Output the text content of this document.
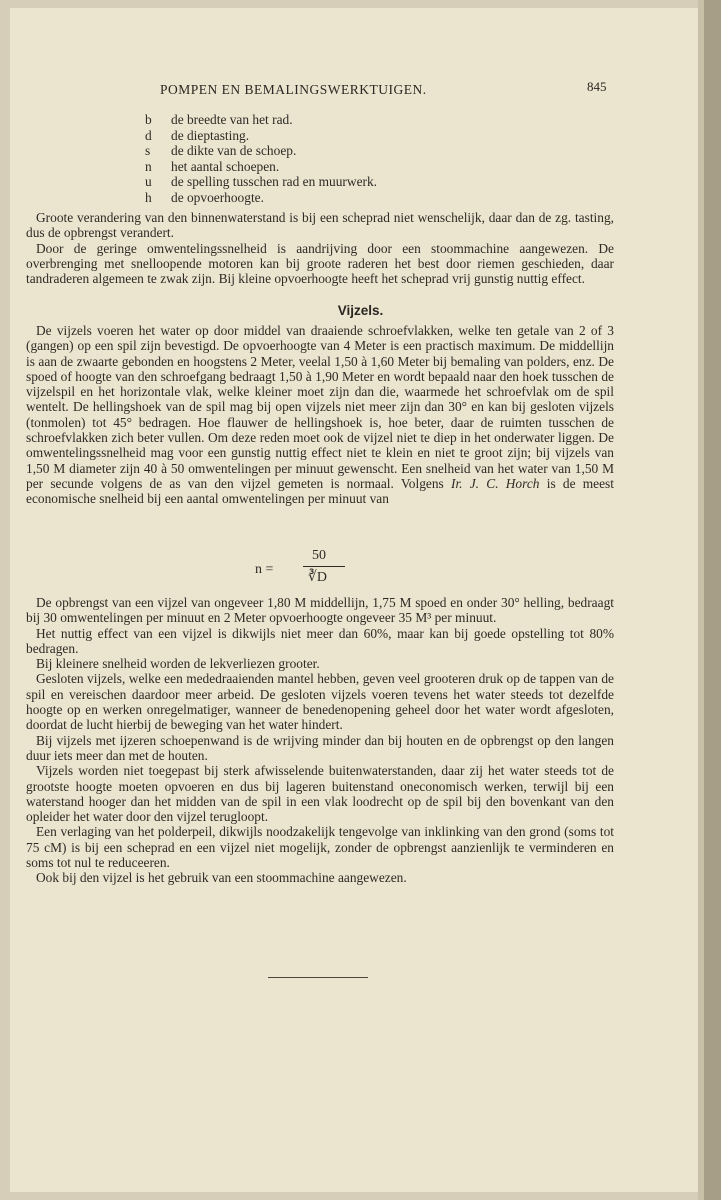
POMPEN EN BEMALINGSWERKTUIGEN.	845
b	de breedte van het rad.
d	de dieptasting.
s	de dikte van de schoep.
n	het aantal schoepen.
u	de spelling tusschen rad en muurwerk.
h	de opvoerhoogte.

Groote verandering van den binnenwaterstand is bij een scheprad niet wenschelijk, daar dan de zg. tasting, dus de opbrengst verandert.

Door de geringe omwentelingssnelheid is aandrijving door een stoommachine aangewezen. De overbrenging met snelloopende motoren kan bij groote raderen het best door riemen geschieden, daar tandraderen algemeen te zwak zijn. Bij kleine opvoerhoogte heeft het scheprad vrij gunstig nuttig effect.

Vijzels.

De vijzels voeren het water op door middel van draaiende schroefvlakken, welke ten getale van 2 of 3 (gangen) op een spil zijn bevestigd. De opvoerhoogte van 4 Meter is een practisch maximum. De middellijn is aan de zwaarte gebonden en hoogstens 2 Meter, veelal 1,50 à 1,60 Meter bij bemaling van polders, enz. De spoed of hoogte van den schroefgang bedraagt 1,50 à 1,90 Meter en wordt bepaald naar den hoek tusschen de vijzelspil en het horizontale vlak, welke kleiner moet zijn dan die, waarmede het schroefvlak om de spil wentelt. De hellingshoek van de spil mag bij open vijzels niet meer zijn dan 30° en kan bij gesloten vijzels (tonmolen) tot 45° bedragen. Hoe flauwer de hellingshoek is, hoe beter, daar de ruimten tusschen de schroefvlakken zich beter vullen. Om deze reden moet ook de vijzel niet te diep in het onderwater liggen. De omwentelingssnelheid mag voor een gunstig nuttig effect niet te klein en niet te groot zijn; bij vijzels van 1,50 M diameter zijn 40 à 50 omwentelingen per minuut gewenscht. Een snelheid van het water van 1,50 M per secunde volgens de as van den vijzel gemeten is normaal. Volgens Ir. J. C. Horch is de meest economische snelheid bij een aantal omwentelingen per minuut van

n =
50
∛D

De opbrengst van een vijzel van ongeveer 1,80 M middellijn, 1,75 M spoed en onder 30° helling, bedraagt bij 30 omwentelingen per minuut en 2 Meter opvoerhoogte ongeveer 35 M³ per minuut.

Het nuttig effect van een vijzel is dikwijls niet meer dan 60%, maar kan bij goede opstelling tot 80% bedragen.

Bij kleinere snelheid worden de lekverliezen grooter.

Gesloten vijzels, welke een mededraaienden mantel hebben, geven veel grooteren druk op de tappen van de spil en vereischen daardoor meer arbeid. De gesloten vijzels voeren tevens het water steeds tot dezelfde hoogte op en werken onregelmatiger, wanneer de benedenopening geheel door het water wordt afgesloten, doordat de lucht hierbij de beweging van het water hindert.

Bij vijzels met ijzeren schoepenwand is de wrijving minder dan bij houten en de opbrengst op den langen duur iets meer dan met de houten.

Vijzels worden niet toegepast bij sterk afwisselende buitenwaterstanden, daar zij het water steeds tot de grootste hoogte moeten opvoeren en dus bij lageren buitenstand oneconomisch werken, terwijl bij een waterstand hooger dan het midden van de spil in een vlak loodrecht op de spil bij den bovenkant van den opleider het water door den vijzel terugloopt.

Een verlaging van het polderpeil, dikwijls noodzakelijk tengevolge van inklinking van den grond (soms tot 75 cM) is bij een scheprad en een vijzel niet mogelijk, zonder de opbrengst aanzienlijk te verminderen en soms tot nul te reduceeren.

Ook bij den vijzel is het gebruik van een stoommachine aangewezen.
